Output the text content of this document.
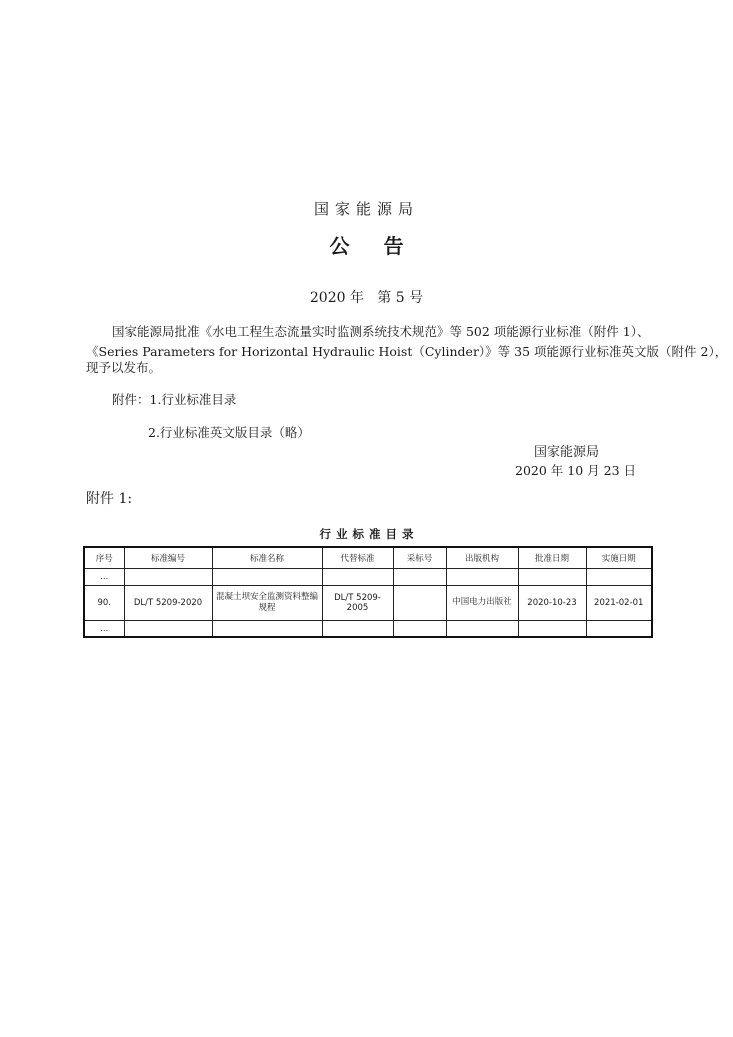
国家能源局
公告
2020 年   第 5 号
国家能源局批准《水电工程生态流量实时监测系统技术规范》等 502 项能源行业标准（附件 1）、
《Series Parameters for Horizontal Hydraulic Hoist（Cylinder）》等 35 项能源行业标准英文版（附件 2），
现予以发布。
附件：1.行业标准目录
2.行业标准英文版目录（略）
国家能源局
2020 年 10 月 23 日
附件 1:
行业标准目录
序号	标准编号	标准名称	代替标准	采标号	出版机构	批准日期	实施日期
…							
90.	DL/T 5209-2020	混凝土坝安全监测资料整编规程	DL/T 5209-2005		中国电力出版社	2020-10-23	2021-02-01
…							
